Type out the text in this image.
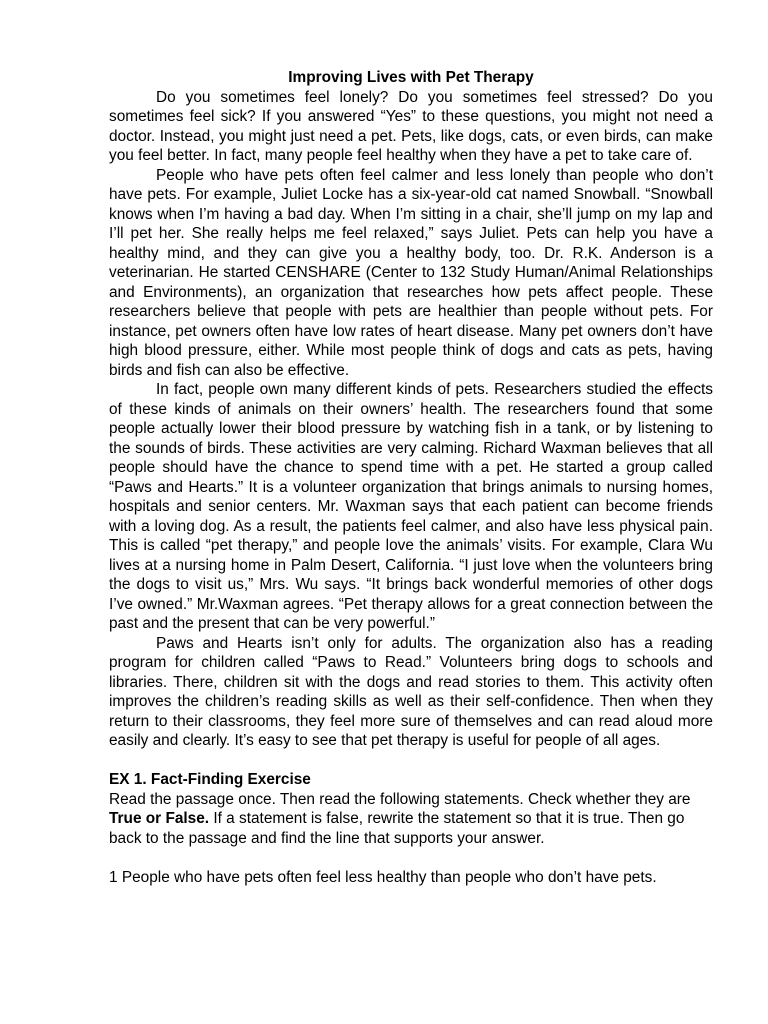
Improving Lives with Pet Therapy

Do you sometimes feel lonely? Do you sometimes feel stressed? Do you sometimes feel sick? If you answered “Yes” to these questions, you might not need a doctor. Instead, you might just need a pet. Pets, like dogs, cats, or even birds, can make you feel better. In fact, many people feel healthy when they have a pet to take care of.

People who have pets often feel calmer and less lonely than people who don’t have pets. For example, Juliet Locke has a six-year-old cat named Snowball. “Snowball knows when I’m having a bad day. When I’m sitting in a chair, she’ll jump on my lap and I’ll pet her. She really helps me feel relaxed,” says Juliet. Pets can help you have a healthy mind, and they can give you a healthy body, too. Dr. R.K. Anderson is a veterinarian. He started CENSHARE (Center to 132 Study Human/Animal Relationships and Environments), an organization that researches how pets affect people. These researchers believe that people with pets are healthier than people without pets. For instance, pet owners often have low rates of heart disease. Many pet owners don’t have high blood pressure, either. While most people think of dogs and cats as pets, having birds and fish can also be effective.

In fact, people own many different kinds of pets. Researchers studied the effects of these kinds of animals on their owners’ health. The researchers found that some people actually lower their blood pressure by watching fish in a tank, or by listening to the sounds of birds. These activities are very calming. Richard Waxman believes that all people should have the chance to spend time with a pet. He started a group called “Paws and Hearts.” It is a volunteer organization that brings animals to nursing homes, hospitals and senior centers. Mr. Waxman says that each patient can become friends with a loving dog. As a result, the patients feel calmer, and also have less physical pain. This is called “pet therapy,” and people love the animals’ visits. For example, Clara Wu lives at a nursing home in Palm Desert, California. “I just love when the volunteers bring the dogs to visit us,” Mrs. Wu says. “It brings back wonderful memories of other dogs I’ve owned.” Mr.Waxman agrees. “Pet therapy allows for a great connection between the past and the present that can be very powerful.”

Paws and Hearts isn’t only for adults. The organization also has a reading program for children called “Paws to Read.” Volunteers bring dogs to schools and libraries. There, children sit with the dogs and read stories to them. This activity often improves the children’s reading skills as well as their self-confidence. Then when they return to their classrooms, they feel more sure of themselves and can read aloud more easily and clearly. It’s easy to see that pet therapy is useful for people of all ages.

EX 1. Fact-Finding Exercise

Read the passage once. Then read the following statements. Check whether they are True or False. If a statement is false, rewrite the statement so that it is true. Then go back to the passage and find the line that supports your answer.

1 People who have pets often feel less healthy than people who don’t have pets.
